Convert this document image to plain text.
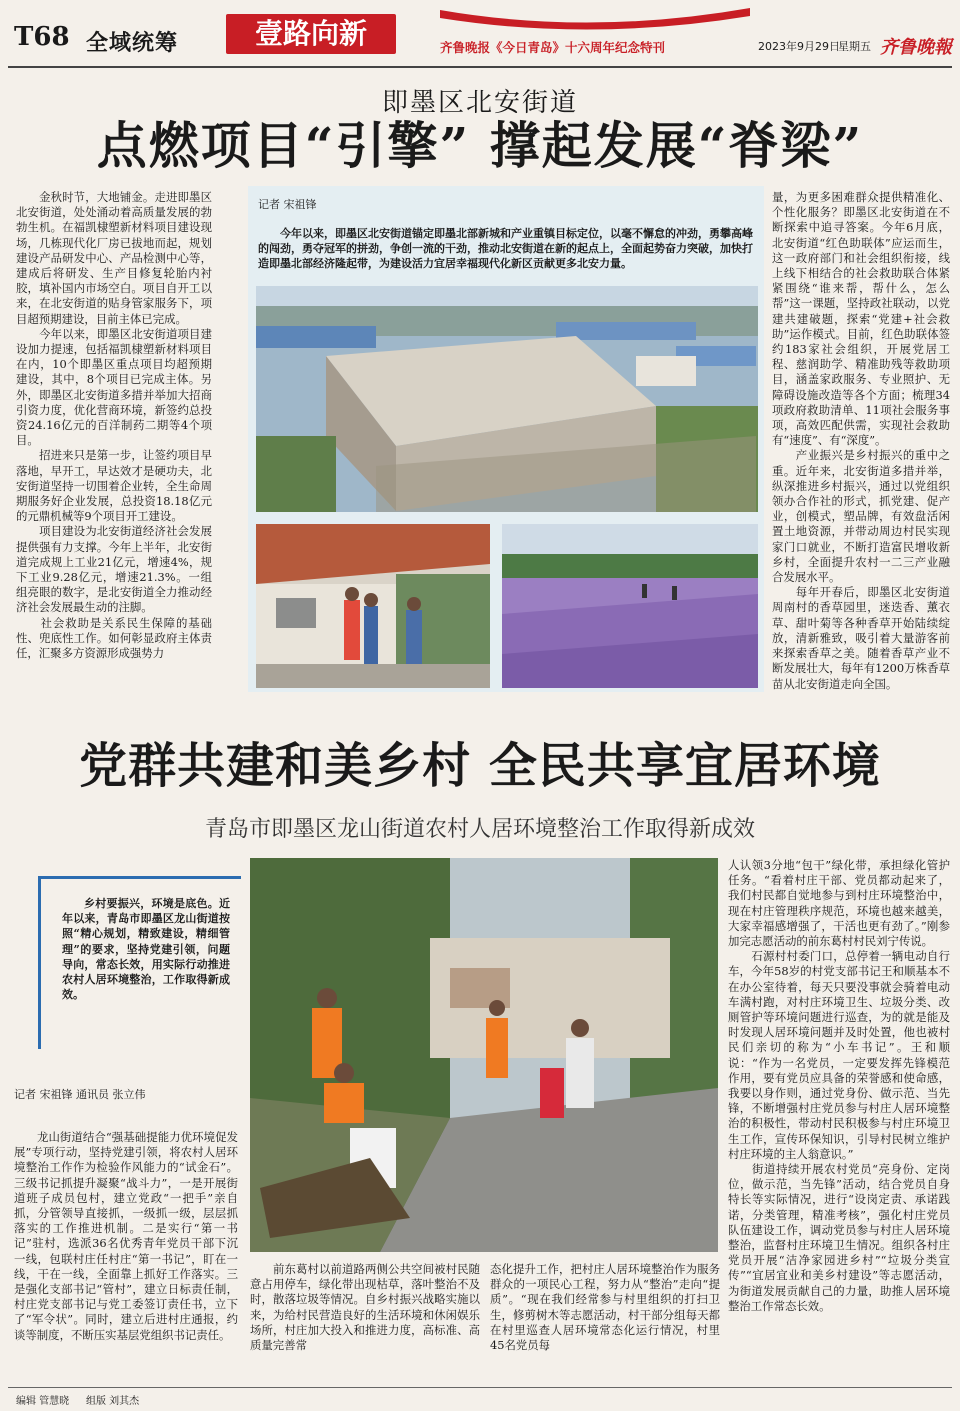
T68 全域统筹	壹路向新	齐鲁晚报《今日青岛》十六周年纪念特刊	2023年9月29日
星期五 齐鲁晚報
即墨区北安街道
点燃项目“引擎” 撑起发展“脊梁”
　　金秋时节，大地铺金。走进即墨区北安街道，处处涌动着高质量发展的勃勃生机。在福凯棣塑新材料项目建设现场，几栋现代化厂房已拔地而起，规划建设产品研发中心、产品检测中心等，建成后将研发、生产目修复轮胎内衬胶，填补国内市场空白。项目自开工以来，在北安街道的贴身管家服务下，项目超预期建设，目前主体已完成。
　　今年以来，即墨区北安街道项目建设加力提速，包括福凯棣塑新材料项目在内，10个即墨区重点项目均超预期建设，其中，8个项目已完成主体。另外，即墨区北安街道多措并举加大招商引资力度，优化营商环境，新签约总投资24.16亿元的百洋制药二期等4个项目。
　　招进来只是第一步，让签约项目早落地，早开工，早达效才是硬功夫，北安街道坚持一切围着企业转，全生命周期服务好企业发展，总投资18.18亿元的元鼎机械等9个项目开工建设。
　　项目建设为北安街道经济社会发展提供强有力支撑。今年上半年，北安街道完成规上工业21亿元，增速4%，规下工业9.28亿元，增速21.3%。一组组亮眼的数字，是北安街道全力推动经济社会发展最生动的注脚。
　　社会救助是关系民生保障的基础性、兜底性工作。如何彰显政府主体责任，汇聚多方资源形成强势力
记者 宋祖锋
今年以来，即墨区北安街道锚定即墨北部新城和产业重镇目标定位，以毫不懈怠的冲劲，勇攀高峰的闯劲，勇夺冠军的拼劲，争创一流的干劲，推动北安街道在新的起点上，全面起势奋力突破，加快打造即墨北部经济隆起带，为建设活力宜居幸福现代化新区贡献更多北安力量。
量，为更多困难群众提供精准化、个性化服务？即墨区北安街道在不断探索中追寻答案。今年6月底，北安街道“红色助联体”应运而生，这一政府部门和社会组织衔接，线上线下相结合的社会救助联合体紧紧围绕“谁来帮，帮什么，怎么帮”这一课题，坚持政社联动，以党建共建破题，探索“党建+社会救助”运作模式。目前，红色助联体签约183家社会组织，开展党居工程、慈润助学、精准助残等救助项目，涵盖家政服务、专业照护、无障碍设施改造等各个方面；梳理34项政府救助清单、11项社会服务事项，高效匹配供需，实现社会救助有“速度”、有“深度”。
　　产业振兴是乡村振兴的重中之重。近年来，北安街道多措并举，纵深推进乡村振兴，通过以党组织领办合作社的形式，抓党建、促产业，创模式，塑品牌，有效盘活闲置土地资源，并带动周边村民实现家门口就业，不断打造富民增收新乡村，全面提升农村一二三产业融合发展水平。
　　每年开春后，即墨区北安街道周南村的香草园里，迷迭香、薰衣草、甜叶菊等各种香草开始陆续绽放，清新雅致，吸引着大量游客前来探索香草之美。随着香草产业不断发展壮大，每年有1200万株香草苗从北安街道走向全国。
党群共建和美乡村 全民共享宜居环境
青岛市即墨区龙山街道农村人居环境整治工作取得新成效
乡村要振兴，环境是底色。近年以来，青岛市即墨区龙山街道按照“精心规划，精致建设，精细管理”的要求，坚持党建引领，问题导向，常态长效，用实际行动推进农村人居环境整治，工作取得新成效。
记者 宋祖锋 通讯员 张立伟
　　龙山街道结合“强基础提能力优环境促发展”专项行动，坚持党建引领，将农村人居环境整治工作作为检验作风能力的“试金石”。三级书记抓提升凝聚“战斗力”，一是开展街道班子成员包村，建立党政“一把手”亲自抓，分管领导直接抓，一级抓一级，层层抓落实的工作推进机制。二是实行“第一书记”驻村，选派36名优秀青年党员干部下沉一线，包联村庄任村庄“第一书记”，盯在一线，干在一线，全面靠上抓好工作落实。三是强化支部书记“管村”，建立日标责任制，村庄党支部书记与党工委签订责任书，立下了“军令状”。同时，建立后进村庄通报，约谈等制度，不断压实基层党组织书记责任。
　　前东葛村以前道路两侧公共空间被村民随意占用停车，绿化带出现枯草，落叶整治不及时，散落垃圾等情况。自乡村振兴战略实施以来，为给村民营造良好的生活环境和休闲娱乐场所，村庄加大投入和推进力度，高标准、高质量完善常
态化提升工作，把村庄人居环境整治作为服务群众的一项民心工程，努力从“整治”走向“提质”。“现在我们经常参与村里组织的打扫卫生，修剪树木等志愿活动，村干部分组每天都在村里巡查人居环境常态化运行情况，村里45名党员每
人认领3分地“包干”绿化带，承担绿化管护任务。“看着村庄干部、党员都动起来了，我们村民都自觉地参与到村庄环境整治中，现在村庄管理秩序规范，环境也越来越美，大家幸福感增强了，干活也更有劲了。”刚参加完志愿活动的前东葛村村民刘宁传说。
　　石源村村委门口，总停着一辆电动自行车，今年58岁的村党支部书记王和顺基本不在办公室待着，每天只要没事就会骑着电动车满村跑，对村庄环境卫生、垃圾分类、改厕管护等环境问题进行巡查，为的就是能及时发现人居环境问题并及时处置，他也被村民们亲切的称为“小车书记”。王和顺说：“作为一名党员，一定要发挥先锋模范作用，要有党员应具备的荣誉感和使命感，我要以身作则，通过党身份、做示范、当先锋，不断增强村庄党员参与村庄人居环境整治的积极性，带动村民积极参与村庄环境卫生工作，宣传环保知识，引导村民树立维护村庄环境的主人翁意识。”
　　街道持续开展农村党员“亮身份、定岗位，做示范，当先锋”活动，结合党员自身特长等实际情况，进行“设岗定责、承诺践诺，分类管理，精准考核”，强化村庄党员队伍建设工作，调动党员参与村庄人居环境整治，监督村庄环境卫生情况。组织各村庄党员开展“洁净家园进乡村”“垃圾分类宣传”“宜居宜业和美乡村建设”等志愿活动，为街道发展贡献自己的力量，助推人居环境整治工作常态长效。
编辑 管慧晓 组版 刘其杰
